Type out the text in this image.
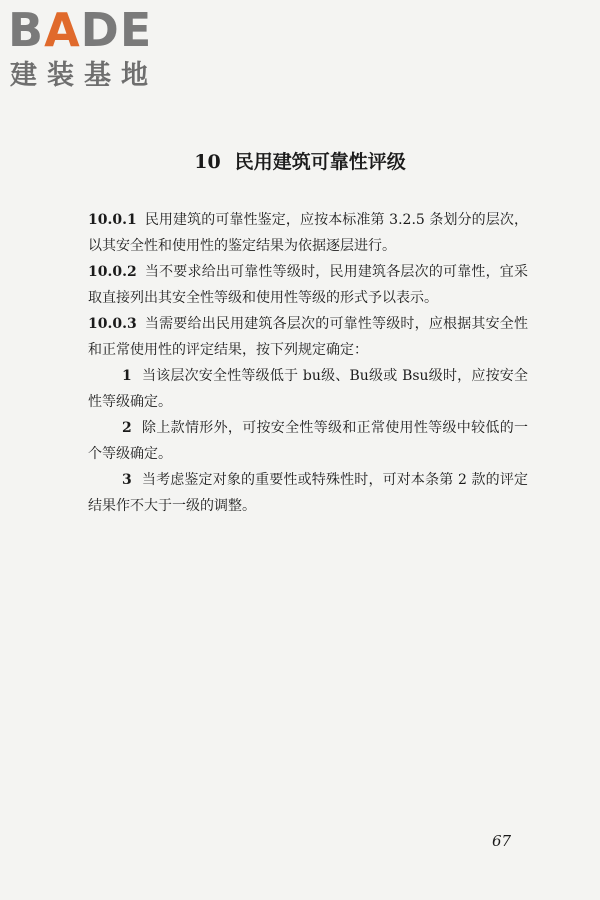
BADE
建装基地
10 民用建筑可靠性评级

10.0.1 民用建筑的可靠性鉴定，应按本标准第 3.2.5 条划分的层次，以其安全性和使用性的鉴定结果为依据逐层进行。

10.0.2 当不要求给出可靠性等级时，民用建筑各层次的可靠性，宜采取直接列出其安全性等级和使用性等级的形式予以表示。

10.0.3 当需要给出民用建筑各层次的可靠性等级时，应根据其安全性和正常使用性的评定结果，按下列规定确定：

1 当该层次安全性等级低于 bu级、Bu级或 Bsu级时，应按安全性等级确定。

2 除上款情形外，可按安全性等级和正常使用性等级中较低的一个等级确定。

3 当考虑鉴定对象的重要性或特殊性时，可对本条第 2 款的评定结果作不大于一级的调整。

67
